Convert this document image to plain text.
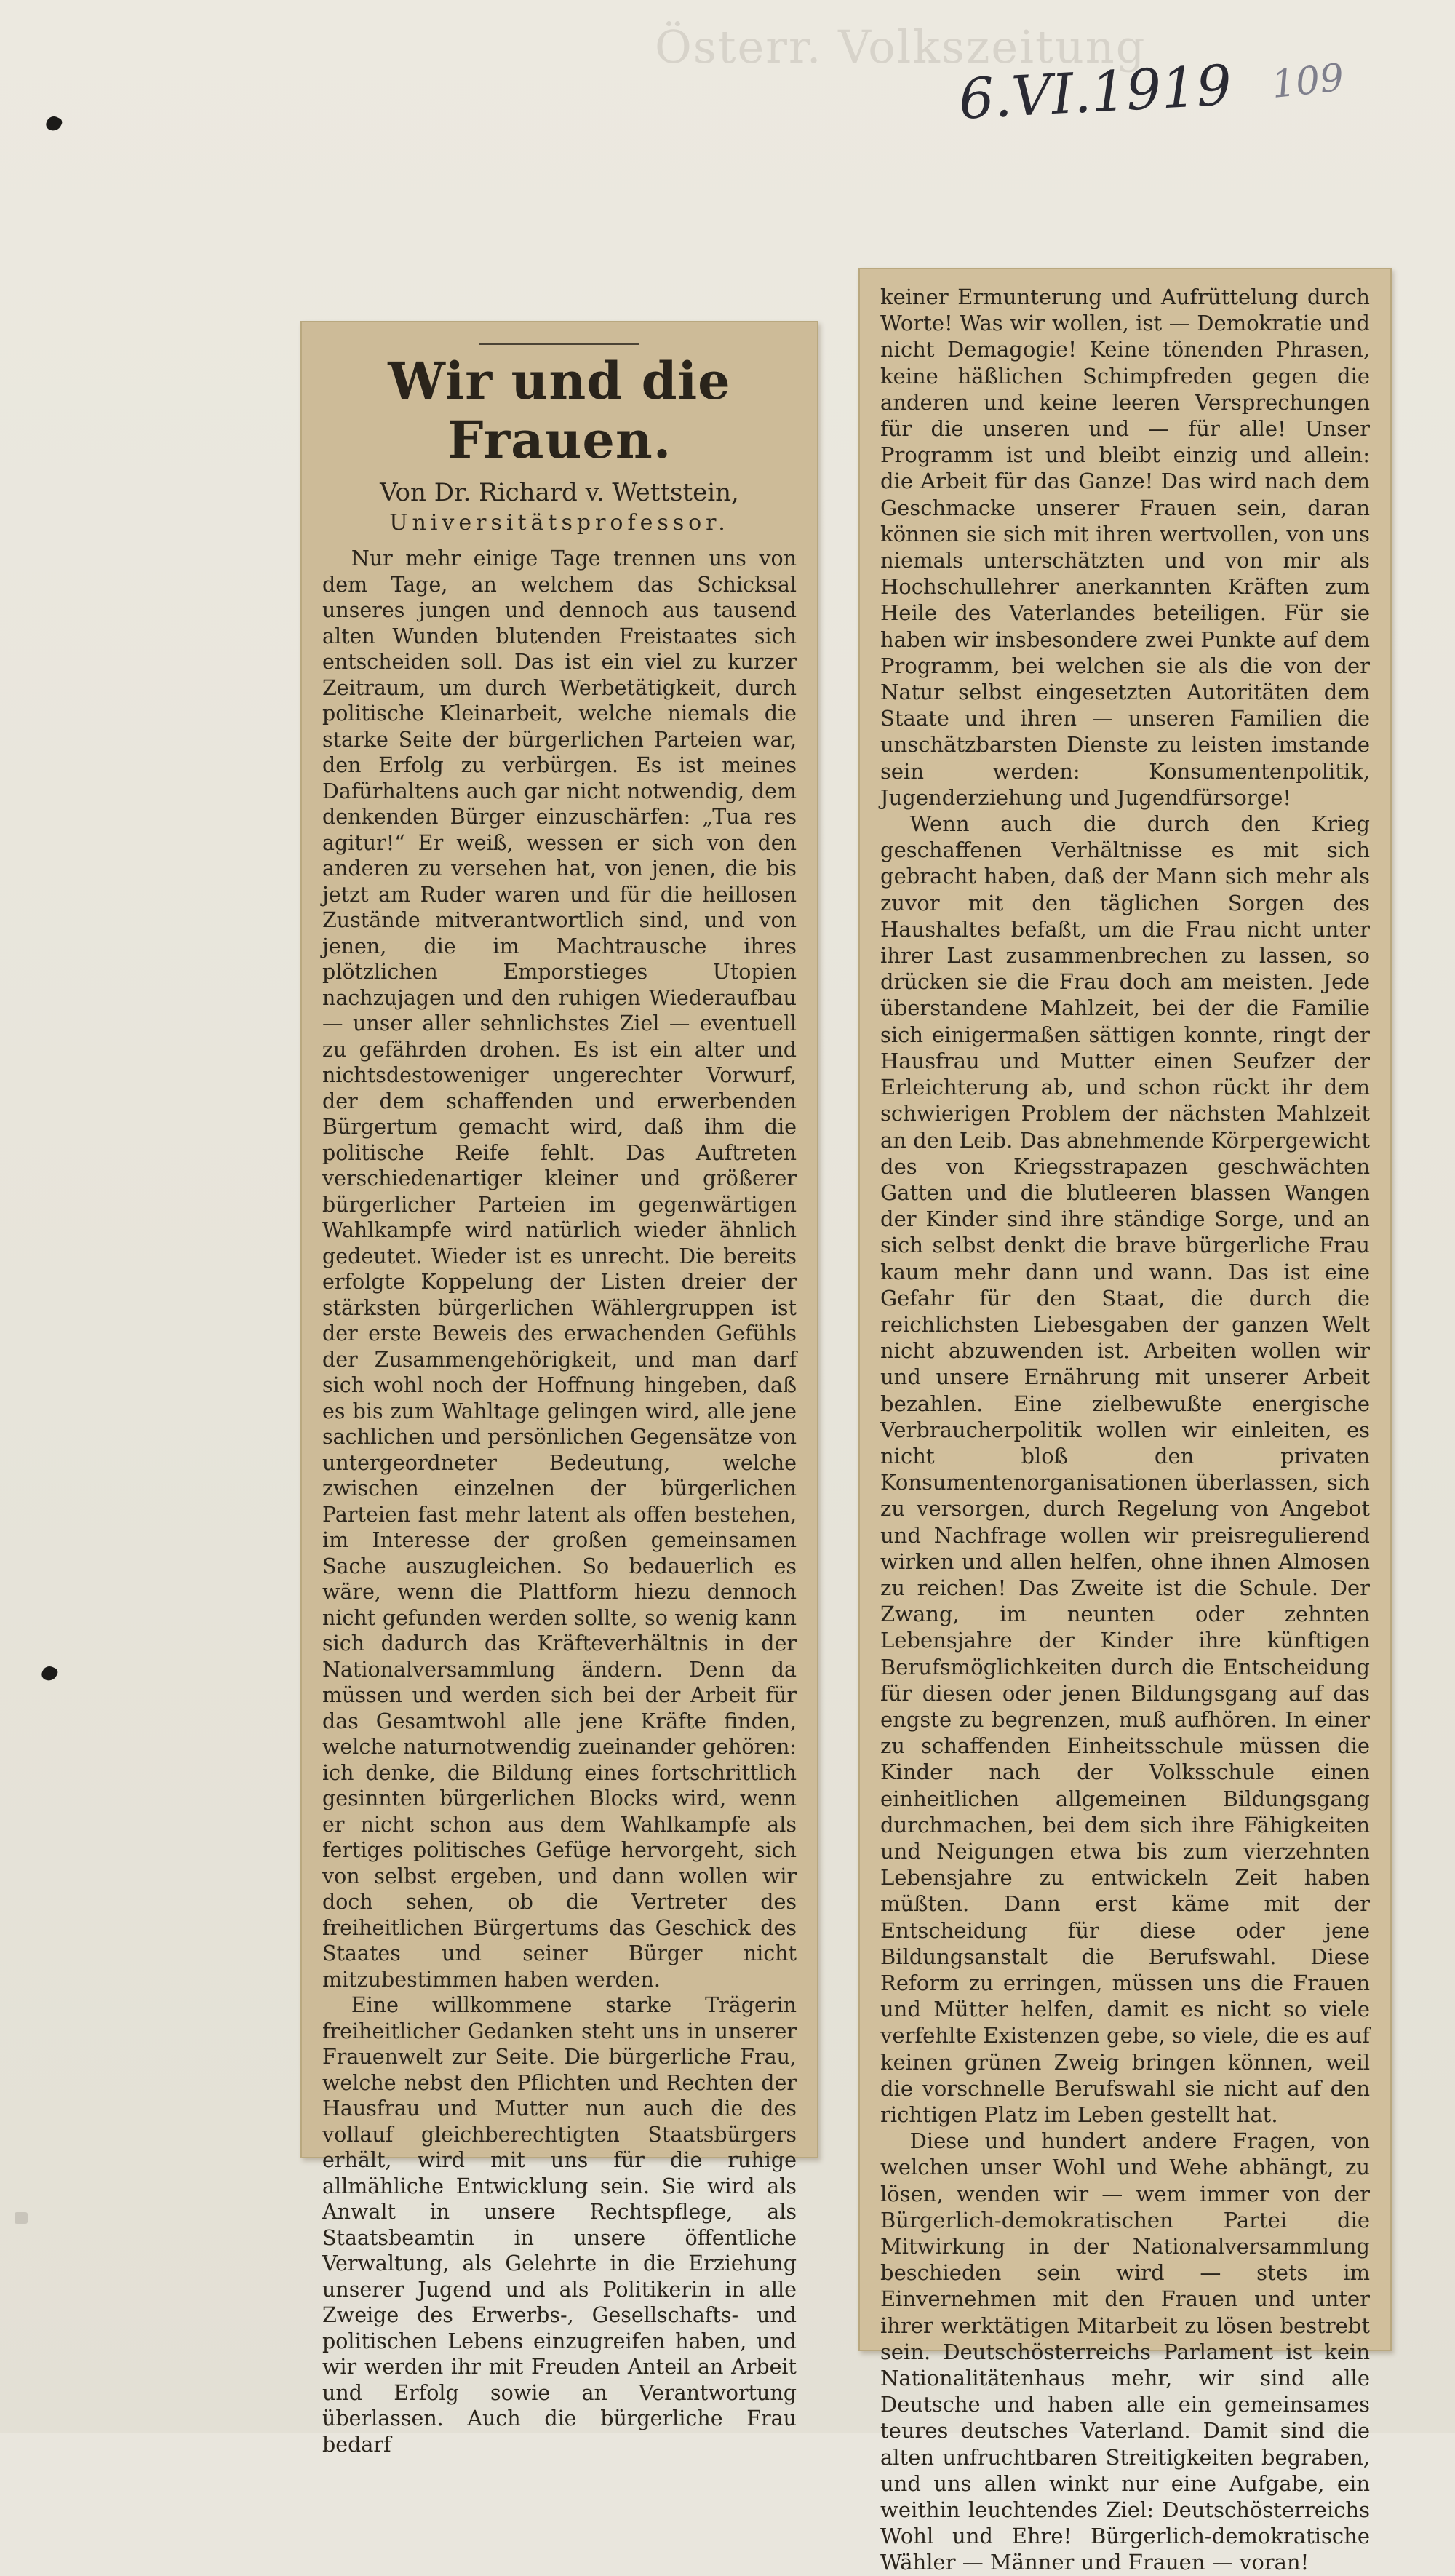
Österr. Volkszeitung
6.VI.1919 109
Wir und die Frauen.

Von Dr. Richard v. Wettstein,

Universitätsprofessor.

Nur mehr einige Tage trennen uns von dem Tage, an welchem das Schicksal unseres jungen und dennoch aus tausend alten Wunden blutenden Freistaates sich entscheiden soll. Das ist ein viel zu kurzer Zeitraum, um durch Werbetätigkeit, durch politische Kleinarbeit, welche niemals die starke Seite der bürgerlichen Parteien war, den Erfolg zu verbürgen. Es ist meines Dafürhaltens auch gar nicht notwendig, dem denkenden Bürger einzuschärfen: „Tua res agitur!“ Er weiß, wessen er sich von den anderen zu versehen hat, von jenen, die bis jetzt am Ruder waren und für die heillosen Zustände mitverantwortlich sind, und von jenen, die im Machtrausche ihres plötzlichen Emporstieges Utopien nachzujagen und den ruhigen Wiederaufbau — unser aller sehnlichstes Ziel — eventuell zu gefährden drohen. Es ist ein alter und nichtsdestoweniger ungerechter Vorwurf, der dem schaffenden und erwerbenden Bürgertum gemacht wird, daß ihm die politische Reife fehlt. Das Auftreten verschiedenartiger kleiner und größerer bürgerlicher Parteien im gegenwärtigen Wahlkampfe wird natürlich wieder ähnlich gedeutet. Wieder ist es unrecht. Die bereits erfolgte Koppelung der Listen dreier der stärksten bürgerlichen Wählergruppen ist der erste Beweis des erwachenden Gefühls der Zusammengehörigkeit, und man darf sich wohl noch der Hoffnung hingeben, daß es bis zum Wahltage gelingen wird, alle jene sachlichen und persönlichen Gegensätze von untergeordneter Bedeutung, welche zwischen einzelnen der bürgerlichen Parteien fast mehr latent als offen bestehen, im Interesse der großen gemeinsamen Sache auszugleichen. So bedauerlich es wäre, wenn die Plattform hiezu dennoch nicht gefunden werden sollte, so wenig kann sich dadurch das Kräfteverhältnis in der Nationalversammlung ändern. Denn da müssen und werden sich bei der Arbeit für das Gesamtwohl alle jene Kräfte finden, welche naturnotwendig zueinander gehören: ich denke, die Bildung eines fortschrittlich gesinnten bürgerlichen Blocks wird, wenn er nicht schon aus dem Wahlkampfe als fertiges politisches Gefüge hervorgeht, sich von selbst ergeben, und dann wollen wir doch sehen, ob die Vertreter des freiheitlichen Bürgertums das Geschick des Staates und seiner Bürger nicht mitzubestimmen haben werden.

Eine willkommene starke Trägerin freiheitlicher Gedanken steht uns in unserer Frauenwelt zur Seite. Die bürgerliche Frau, welche nebst den Pflichten und Rechten der Hausfrau und Mutter nun auch die des vollauf gleichberechtigten Staatsbürgers erhält, wird mit uns für die ruhige allmähliche Entwicklung sein. Sie wird als Anwalt in unsere Rechtspflege, als Staatsbeamtin in unsere öffentliche Verwaltung, als Gelehrte in die Erziehung unserer Jugend und als Politikerin in alle Zweige des Erwerbs-, Gesellschafts- und politischen Lebens einzugreifen haben, und wir werden ihr mit Freuden Anteil an Arbeit und Erfolg sowie an Verantwortung überlassen. Auch die bürgerliche Frau bedarf

keiner Ermunterung und Aufrüttelung durch Worte! Was wir wollen, ist — Demokratie und nicht Demagogie! Keine tönenden Phrasen, keine häßlichen Schimpfreden gegen die anderen und keine leeren Versprechungen für die unseren und — für alle! Unser Programm ist und bleibt einzig und allein: die Arbeit für das Ganze! Das wird nach dem Geschmacke unserer Frauen sein, daran können sie sich mit ihren wertvollen, von uns niemals unterschätzten und von mir als Hochschullehrer anerkannten Kräften zum Heile des Vaterlandes beteiligen. Für sie haben wir insbesondere zwei Punkte auf dem Programm, bei welchen sie als die von der Natur selbst eingesetzten Autoritäten dem Staate und ihren — unseren Familien die unschätzbarsten Dienste zu leisten imstande sein werden: Konsumentenpolitik, Jugenderziehung und Jugendfürsorge!

Wenn auch die durch den Krieg geschaffenen Verhältnisse es mit sich gebracht haben, daß der Mann sich mehr als zuvor mit den täglichen Sorgen des Haushaltes befaßt, um die Frau nicht unter ihrer Last zusammenbrechen zu lassen, so drücken sie die Frau doch am meisten. Jede überstandene Mahlzeit, bei der die Familie sich einigermaßen sättigen konnte, ringt der Hausfrau und Mutter einen Seufzer der Erleichterung ab, und schon rückt ihr dem schwierigen Problem der nächsten Mahlzeit an den Leib. Das abnehmende Körpergewicht des von Kriegsstrapazen geschwächten Gatten und die blutleeren blassen Wangen der Kinder sind ihre ständige Sorge, und an sich selbst denkt die brave bürgerliche Frau kaum mehr dann und wann. Das ist eine Gefahr für den Staat, die durch die reichlichsten Liebesgaben der ganzen Welt nicht abzuwenden ist. Arbeiten wollen wir und unsere Ernährung mit unserer Arbeit bezahlen. Eine zielbewußte energische Verbraucherpolitik wollen wir einleiten, es nicht bloß den privaten Konsumentenorganisationen überlassen, sich zu versorgen, durch Regelung von Angebot und Nachfrage wollen wir preisregulierend wirken und allen helfen, ohne ihnen Almosen zu reichen! Das Zweite ist die Schule. Der Zwang, im neunten oder zehnten Lebensjahre der Kinder ihre künftigen Berufsmöglichkeiten durch die Entscheidung für diesen oder jenen Bildungsgang auf das engste zu begrenzen, muß aufhören. In einer zu schaffenden Einheitsschule müssen die Kinder nach der Volksschule einen einheitlichen allgemeinen Bildungsgang durchmachen, bei dem sich ihre Fähigkeiten und Neigungen etwa bis zum vierzehnten Lebensjahre zu entwickeln Zeit haben müßten. Dann erst käme mit der Entscheidung für diese oder jene Bildungsanstalt die Berufswahl. Diese Reform zu erringen, müssen uns die Frauen und Mütter helfen, damit es nicht so viele verfehlte Existenzen gebe, so viele, die es auf keinen grünen Zweig bringen können, weil die vorschnelle Berufswahl sie nicht auf den richtigen Platz im Leben gestellt hat.

Diese und hundert andere Fragen, von welchen unser Wohl und Wehe abhängt, zu lösen, wenden wir — wem immer von der Bürgerlich-demokratischen Partei die Mitwirkung in der Nationalversammlung beschieden sein wird — stets im Einvernehmen mit den Frauen und unter ihrer werktätigen Mitarbeit zu lösen bestrebt sein. Deutschösterreichs Parlament ist kein Nationalitätenhaus mehr, wir sind alle Deutsche und haben alle ein gemeinsames teures deutsches Vaterland. Damit sind die alten unfruchtbaren Streitigkeiten begraben, und uns allen winkt nur eine Aufgabe, ein weithin leuchtendes Ziel: Deutschösterreichs Wohl und Ehre! Bürgerlich-demokratische Wähler — Männer und Frauen — voran!
